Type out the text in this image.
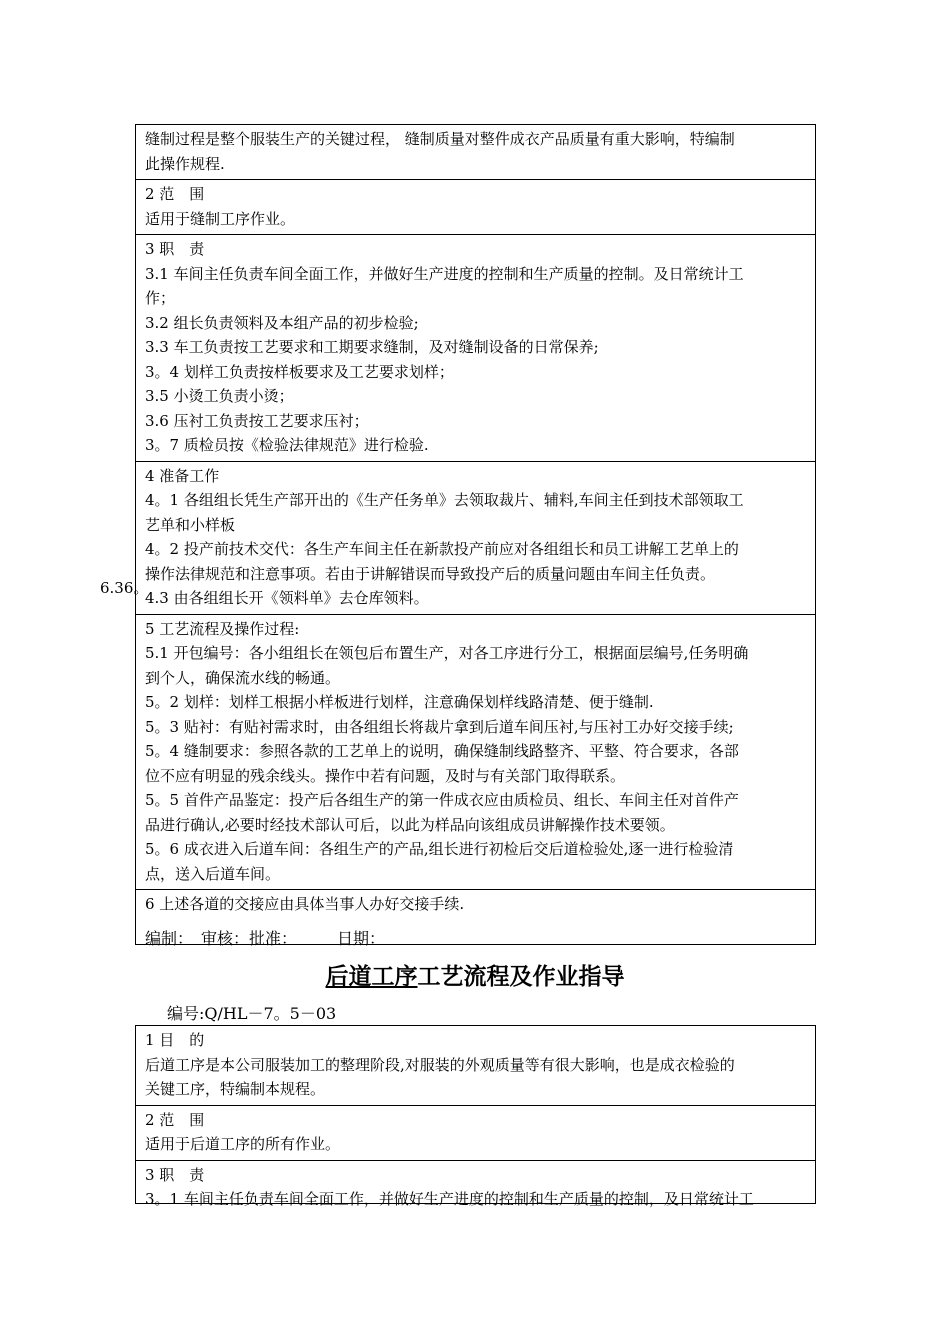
缝制过程是整个服装生产的关键过程， 缝制质量对整件成衣产品质量有重大影响，特编制
此操作规程.
2 范　围
适用于缝制工序作业。
3 职　责
3.1 车间主任负责车间全面工作，并做好生产进度的控制和生产质量的控制。及日常统计工
作；
3.2 组长负责领料及本组产品的初步检验;
3.3 车工负责按工艺要求和工期要求缝制，及对缝制设备的日常保养;
3。4 划样工负责按样板要求及工艺要求划样；
3.5 小烫工负责小烫；
3.6 压衬工负责按工艺要求压衬；
3。7 质检员按《检验法律规范》进行检验.
4 准备工作
4。1 各组组长凭生产部开出的《生产任务单》去领取裁片、辅料,车间主任到技术部领取工
艺单和小样板
4。2 投产前技术交代：各生产车间主任在新款投产前应对各组组长和员工讲解工艺单上的
操作法律规范和注意事项。若由于讲解错误而导致投产后的质量问题由车间主任负责。
4.3 由各组组长开《领料单》去仓库领料。
5 工艺流程及操作过程:
5.1 开包编号：各小组组长在领包后布置生产，对各工序进行分工，根据面层编号,任务明确
到个人，确保流水线的畅通。
5。2 划样：划样工根据小样板进行划样，注意确保划样线路清楚、便于缝制.
5。3 贴衬：有贴衬需求时，由各组组长将裁片拿到后道车间压衬,与压衬工办好交接手续;
5。4 缝制要求：参照各款的工艺单上的说明，确保缝制线路整齐、平整、符合要求，各部
位不应有明显的残余线头。操作中若有问题，及时与有关部门取得联系。
5。5 首件产品鉴定：投产后各组生产的第一件成衣应由质检员、组长、车间主任对首件产
品进行确认,必要时经技术部认可后，以此为样品向该组成员讲解操作技术要领。
5。6 成衣进入后道车间：各组生产的产品,组长进行初检后交后道检验处,逐一进行检验清
点，送入后道车间。
6 上述各道的交接应由具体当事人办好交接手续.

6.36。
编制：　审核：批准：　　　日期：
后道工序工艺流程及作业指导
编号:Q/HL－7。5－03
1 目　的
后道工序是本公司服装加工的整理阶段,对服装的外观质量等有很大影响，也是成衣检验的
关键工序，特编制本规程。
2 范　围
适用于后道工序的所有作业。
3 职　责
3。1 车间主任负责车间全面工作，并做好生产进度的控制和生产质量的控制，及日常统计工
